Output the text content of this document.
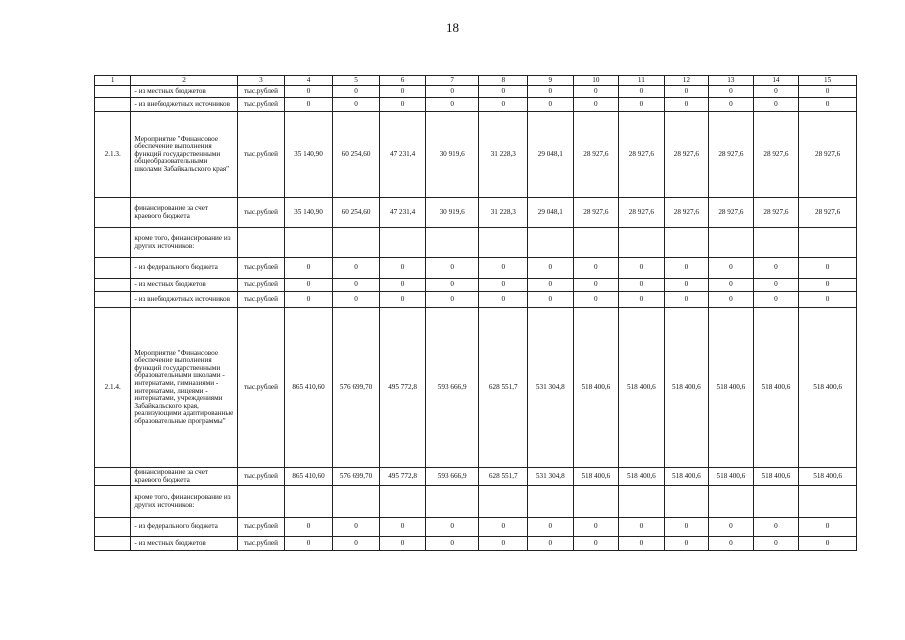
18
1	2	3	4	5	6	7	8	9	10	11	12	13	14	15
	- из местных бюджетов	тыс.рублей	0	0	0	0	0	0	0	0	0	0	0	0
	- из внебюджетных источников	тыс.рублей	0	0	0	0	0	0	0	0	0	0	0	0
2.1.3.	Мероприятие "Финансовое обеспечение выполнения функций государственными общеобразовательными школами Забайкальского края"	тыс.рублей	35 140,90	60 254,60	47 231,4	30 919,6	31 228,3	29 048,1	28 927,6	28 927,6	28 927,6	28 927,6	28 927,6	28 927,6
	финансирование за счет краевого бюджета	тыс.рублей	35 140,90	60 254,60	47 231,4	30 919,6	31 228,3	29 048,1	28 927,6	28 927,6	28 927,6	28 927,6	28 927,6	28 927,6
	кроме того, финансирование из других источников:													
	- из федерального бюджета	тыс.рублей	0	0	0	0	0	0	0	0	0	0	0	0
	- из местных бюджетов	тыс.рублей	0	0	0	0	0	0	0	0	0	0	0	0
	- из внебюджетных источников	тыс.рублей	0	0	0	0	0	0	0	0	0	0	0	0
2.1.4.	Мероприятие "Финансовое обеспечение выполнения функций государственными образовательными школами - интернатами, гимназиями - интернатами, лицеями - интернатами, учреждениями Забайкальского края, реализующими адаптированные образовательные программы"	тыс.рублей	865 410,60	576 699,70	495 772,8	593 666,9	628 551,7	531 304,8	518 400,6	518 400,6	518 400,6	518 400,6	518 400,6	518 400,6
	финансирование за счет краевого бюджета	тыс.рублей	865 410,60	576 699,70	495 772,8	593 666,9	628 551,7	531 304,8	518 400,6	518 400,6	518 400,6	518 400,6	518 400,6	518 400,6
	кроме того, финансирование из других источников:													
	- из федерального бюджета	тыс.рублей	0	0	0	0	0	0	0	0	0	0	0	0
	- из местных бюджетов	тыс.рублей	0	0	0	0	0	0	0	0	0	0	0	0
